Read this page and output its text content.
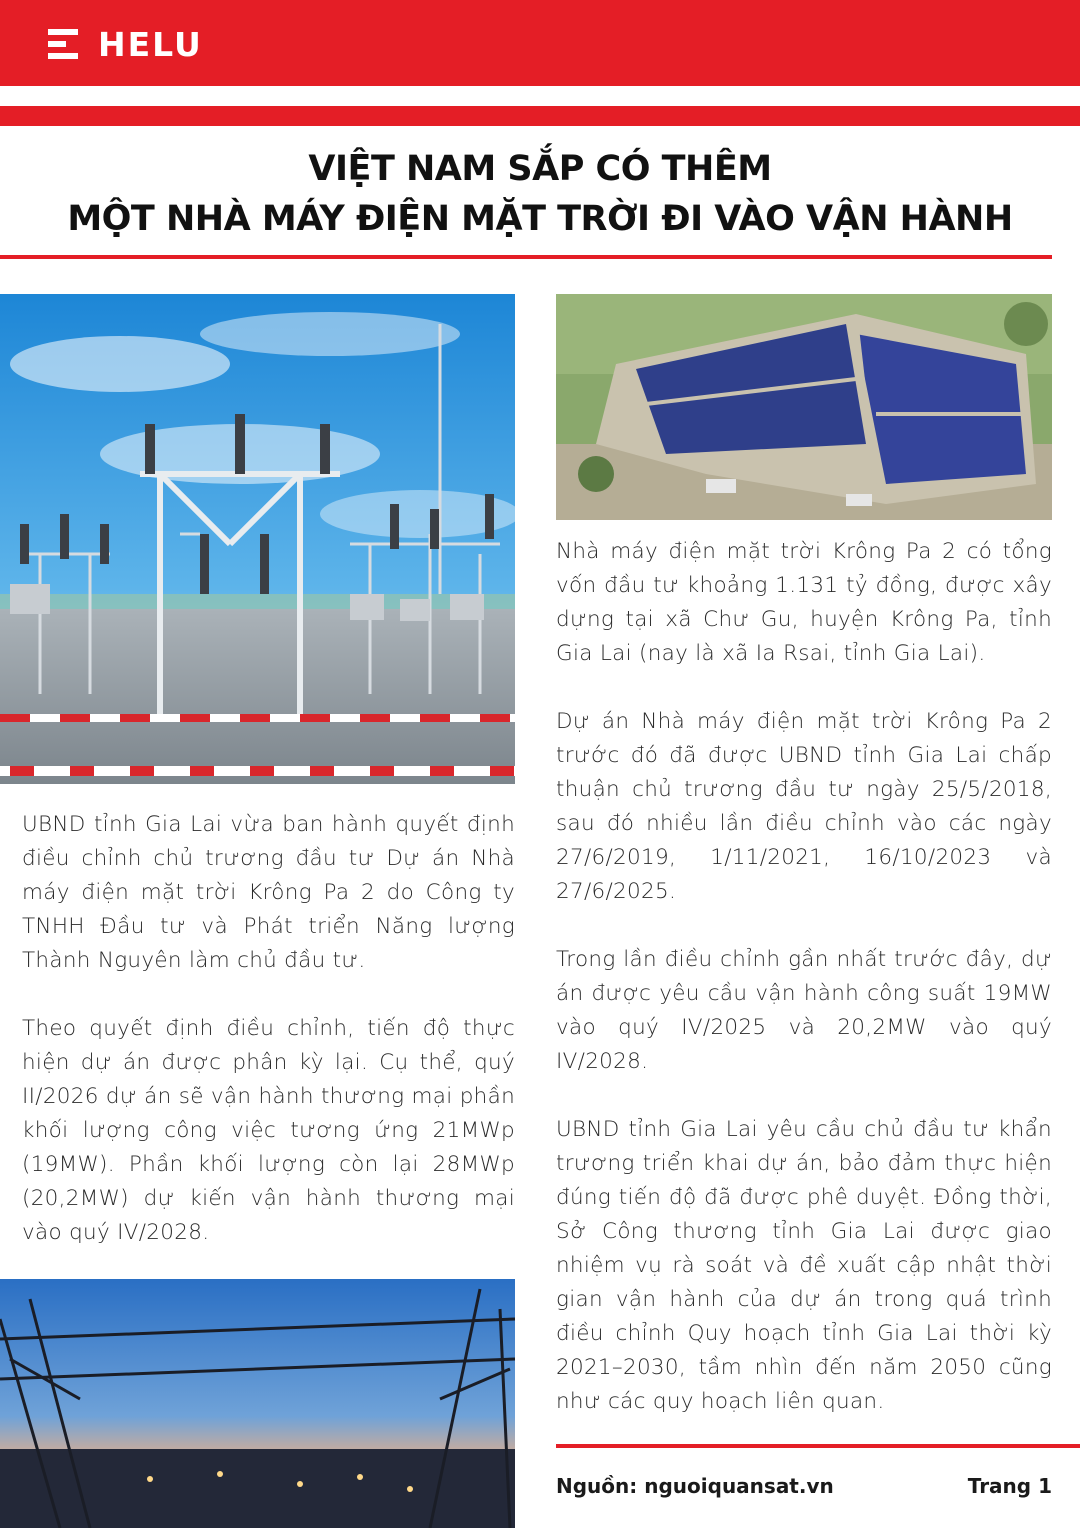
HELU
VIỆT NAM SẮP CÓ THÊM
MỘT NHÀ MÁY ĐIỆN MẶT TRỜI ĐI VÀO VẬN HÀNH

UBND tỉnh Gia Lai vừa ban hành quyết định điều chỉnh chủ trương đầu tư Dự án Nhà máy điện mặt trời Krông Pa 2 do Công ty TNHH Đầu tư và Phát triển Năng lượng Thành Nguyên làm chủ đầu tư.

Theo quyết định điều chỉnh, tiến độ thực hiện dự án được phân kỳ lại. Cụ thể, quý II/2026 dự án sẽ vận hành thương mại phần khối lượng công việc tương ứng 21MWp (19MW). Phần khối lượng còn lại 28MWp (20,2MW) dự kiến vận hành thương mại vào quý IV/2028.

Nhà máy điện mặt trời Krông Pa 2 có tổng vốn đầu tư khoảng 1.131 tỷ đồng, được xây dựng tại xã Chư Gu, huyện Krông Pa, tỉnh Gia Lai (nay là xã Ia Rsai, tỉnh Gia Lai).

Dự án Nhà máy điện mặt trời Krông Pa 2 trước đó đã được UBND tỉnh Gia Lai chấp thuận chủ trương đầu tư ngày 25/5/2018, sau đó nhiều lần điều chỉnh vào các ngày 27/6/2019, 1/11/2021, 16/10/2023 và 27/6/2025.

Trong lần điều chỉnh gần nhất trước đây, dự án được yêu cầu vận hành công suất 19MW vào quý IV/2025 và 20,2MW vào quý IV/2028.

UBND tỉnh Gia Lai yêu cầu chủ đầu tư khẩn trương triển khai dự án, bảo đảm thực hiện đúng tiến độ đã được phê duyệt. Đồng thời, Sở Công thương tỉnh Gia Lai được giao nhiệm vụ rà soát và đề xuất cập nhật thời gian vận hành của dự án trong quá trình điều chỉnh Quy hoạch tỉnh Gia Lai thời kỳ 2021–2030, tầm nhìn đến năm 2050 cũng như các quy hoạch liên quan.

Nguồn: nguoiquansat.vn	Trang 1
